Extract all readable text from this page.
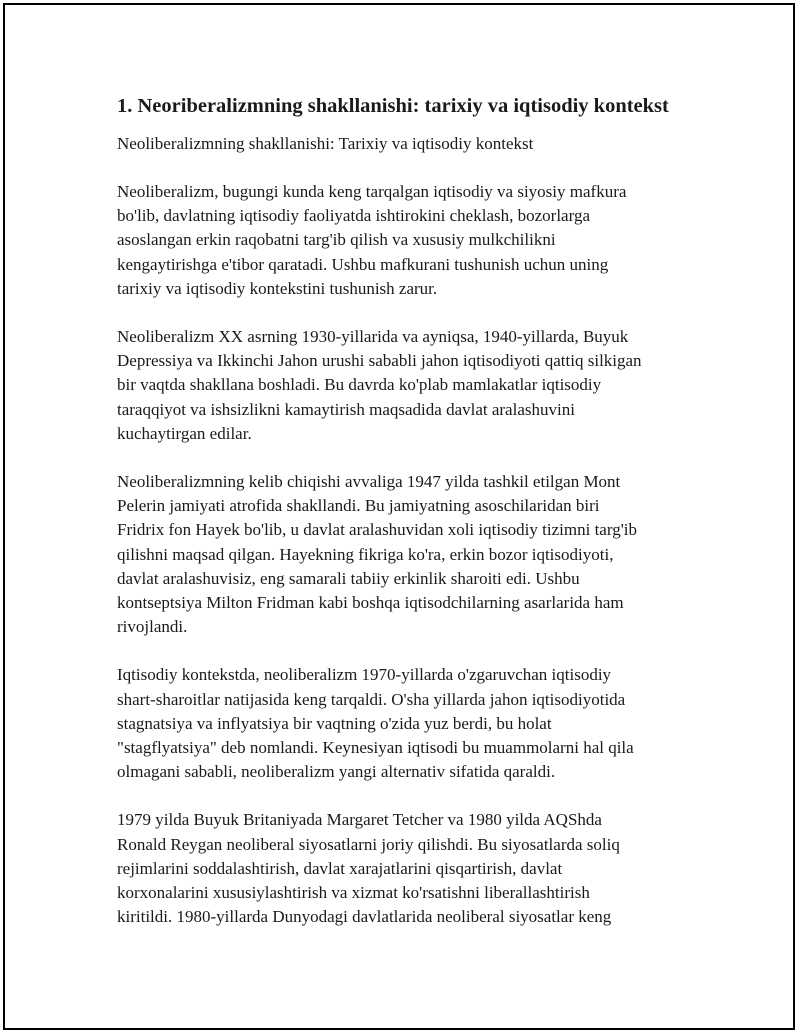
1. Neoriberalizmning shakllanishi: tarixiy va iqtisodiy kontekst

Neoliberalizmning shakllanishi: Tarixiy va iqtisodiy kontekst

Neoliberalizm, bugungi kunda keng tarqalgan iqtisodiy va siyosiy mafkura
bo'lib, davlatning iqtisodiy faoliyatda ishtirokini cheklash, bozorlarga
asoslangan erkin raqobatni targ'ib qilish va xususiy mulkchilikni
kengaytirishga e'tibor qaratadi. Ushbu mafkurani tushunish uchun uning
tarixiy va iqtisodiy kontekstini tushunish zarur.

Neoliberalizm XX asrning 1930-yillarida va ayniqsa, 1940-yillarda, Buyuk
Depressiya va Ikkinchi Jahon urushi sababli jahon iqtisodiyoti qattiq silkigan
bir vaqtda shakllana boshladi. Bu davrda ko'plab mamlakatlar iqtisodiy
taraqqiyot va ishsizlikni kamaytirish maqsadida davlat aralashuvini
kuchaytirgan edilar.

Neoliberalizmning kelib chiqishi avvaliga 1947 yilda tashkil etilgan Mont
Pelerin jamiyati atrofida shakllandi. Bu jamiyatning asoschilaridan biri
Fridrix fon Hayek bo'lib, u davlat aralashuvidan xoli iqtisodiy tizimni targ'ib
qilishni maqsad qilgan. Hayekning fikriga ko'ra, erkin bozor iqtisodiyoti,
davlat aralashuvisiz, eng samarali tabiiy erkinlik sharoiti edi. Ushbu
kontseptsiya Milton Fridman kabi boshqa iqtisodchilarning asarlarida ham
rivojlandi.

Iqtisodiy kontekstda, neoliberalizm 1970-yillarda o'zgaruvchan iqtisodiy
shart-sharoitlar natijasida keng tarqaldi. O'sha yillarda jahon iqtisodiyotida
stagnatsiya va inflyatsiya bir vaqtning o'zida yuz berdi, bu holat
"stagflyatsiya" deb nomlandi. Keynesiyan iqtisodi bu muammolarni hal qila
olmagani sababli, neoliberalizm yangi alternativ sifatida qaraldi.

1979 yilda Buyuk Britaniyada Margaret Tetcher va 1980 yilda AQShda
Ronald Reygan neoliberal siyosatlarni joriy qilishdi. Bu siyosatlarda soliq
rejimlarini soddalashtirish, davlat xarajatlarini qisqartirish, davlat
korxonalarini xususiylashtirish va xizmat ko'rsatishni liberallashtirish
kiritildi. 1980-yillarda Dunyodagi davlatlarida neoliberal siyosatlar keng
